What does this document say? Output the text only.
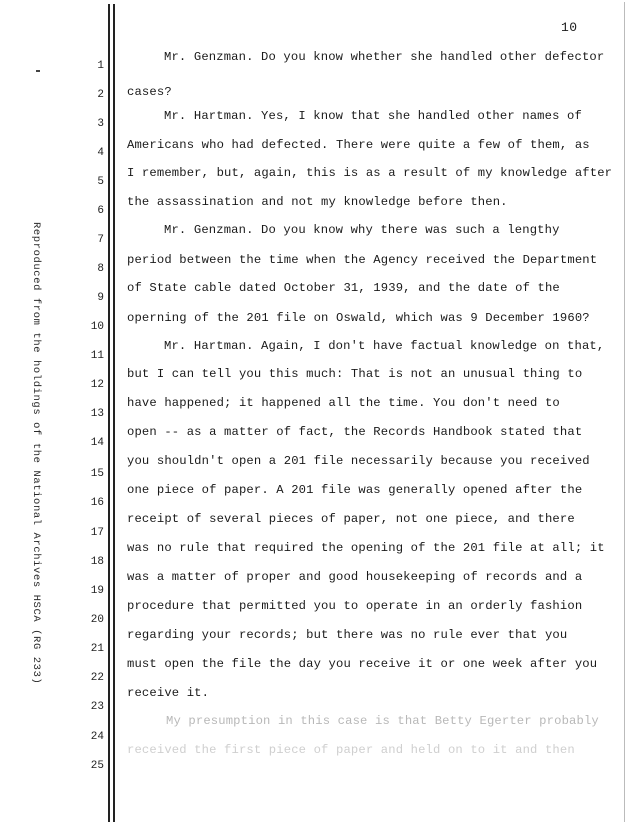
Reproduced from the holdings of the National Archives HSCA (RG 233)
10
1
2
3
4
5
6
7
8
9
10
11
12
13
14
15
16
17
18
19
20
21
22
23
24
25
Mr. Genzman. Do you know whether she handled other defector
cases?
Mr. Hartman. Yes, I know that she handled other names of
Americans who had defected. There were quite a few of them, as
I remember, but, again, this is as a result of my knowledge after
the assassination and not my knowledge before then.
Mr. Genzman. Do you know why there was such a lengthy
period between the time when the Agency received the Department
of State cable dated October 31, 1939, and the date of the
operning of the 201 file on Oswald, which was 9 December 1960?
Mr. Hartman. Again, I don't have factual knowledge on that,
but I can tell you this much: That is not an unusual thing to
have happened; it happened all the time. You don't need to
open -- as a matter of fact, the Records Handbook stated that
you shouldn't open a 201 file necessarily because you received
one piece of paper. A 201 file was generally opened after the
receipt of several pieces of paper, not one piece, and there
was no rule that required the opening of the 201 file at all; it
was a matter of proper and good housekeeping of records and a
procedure that permitted you to operate in an orderly fashion
regarding your records; but there was no rule ever that you
must open the file the day you receive it or one week after you
receive it.
My presumption in this case is that Betty Egerter probably
received the first piece of paper and held on to it and then
